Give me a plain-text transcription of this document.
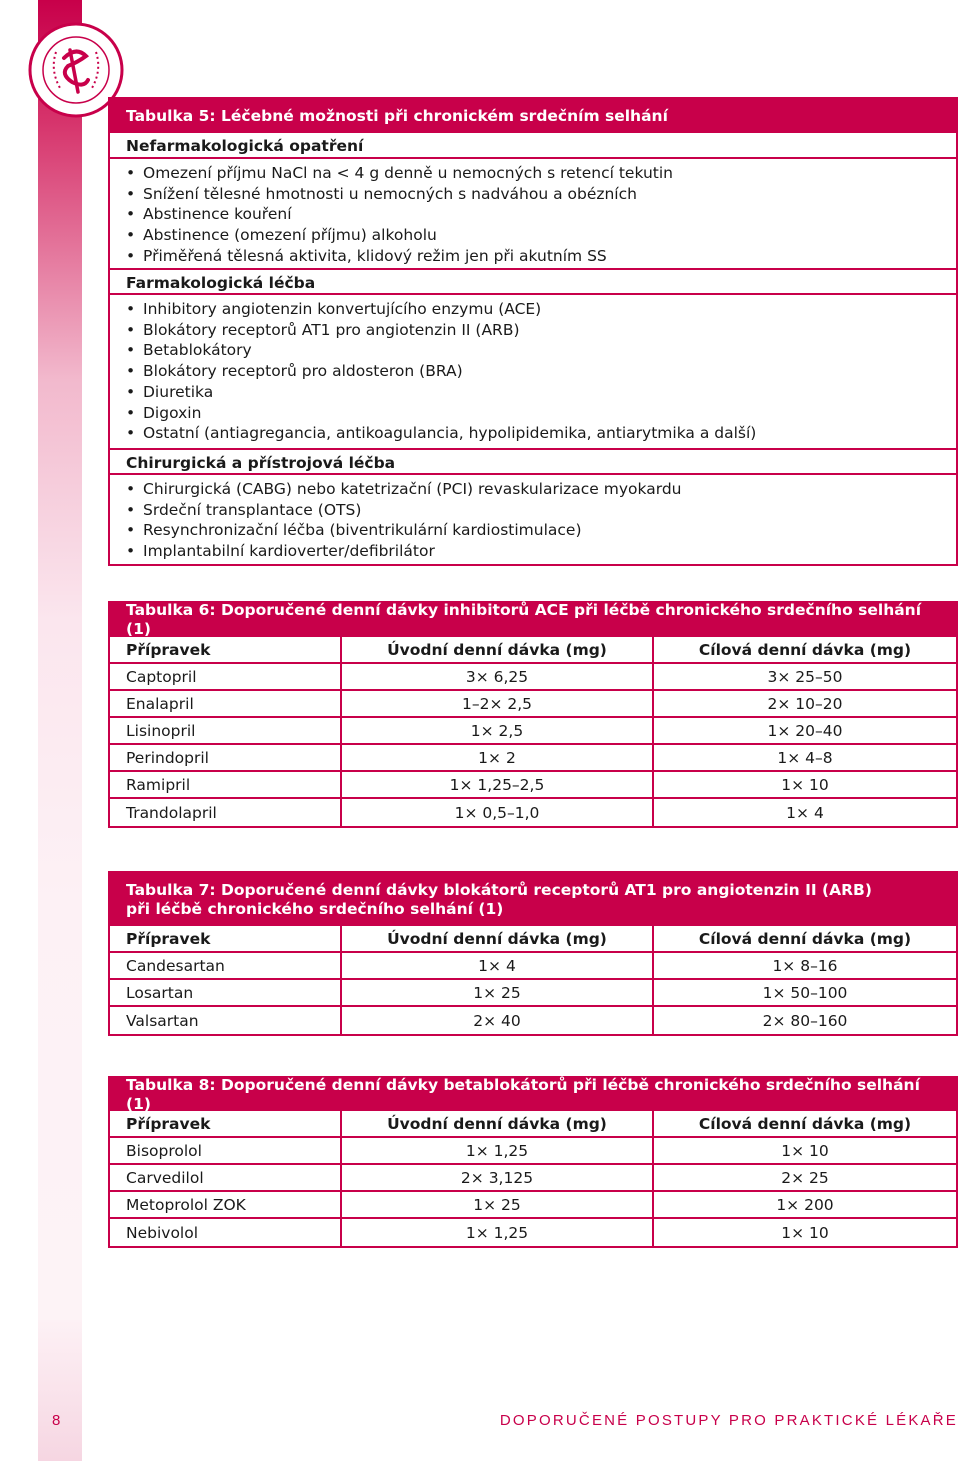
Tabulka 5: Léčebné možnosti při chronickém srdečním selhání
Nefarmakologická opatření
• Omezení příjmu NaCl na < 4 g denně u nemocných s retencí tekutin
• Snížení tělesné hmotnosti u nemocných s nadváhou a obézních
• Abstinence kouření
• Abstinence (omezení příjmu) alkoholu
• Přiměřená tělesná aktivita, klidový režim jen při akutním SS
Farmakologická léčba
• Inhibitory angiotenzin konvertujícího enzymu (ACE)
• Blokátory receptorů AT1 pro angiotenzin II (ARB)
• Betablokátory
• Blokátory receptorů pro aldosteron (BRA)
• Diuretika
• Digoxin
• Ostatní (antiagregancia, antikoagulancia, hypolipidemika, antiarytmika a další)
Chirurgická a přístrojová léčba
• Chirurgická (CABG) nebo katetrizační (PCI) revaskularizace myokardu
• Srdeční transplantace (OTS)
• Resynchronizační léčba (biventrikulární kardiostimulace)
• Implantabilní kardioverter/defibrilátor
Tabulka 6: Doporučené denní dávky inhibitorů ACE při léčbě chronického srdečního selhání (1)
Přípravek	Úvodní denní dávka (mg)	Cílová denní dávka (mg)
Captopril	3× 6,25	3× 25–50
Enalapril	1–2× 2,5	2× 10–20
Lisinopril	1× 2,5	1× 20–40
Perindopril	1× 2	1× 4–8
Ramipril	1× 1,25–2,5	1× 10
Trandolapril	1× 0,5–1,0	1× 4
Tabulka 7: Doporučené denní dávky blokátorů receptorů AT1 pro angiotenzin II (ARB)
při léčbě chronického srdečního selhání (1)
Přípravek	Úvodní denní dávka (mg)	Cílová denní dávka (mg)
Candesartan	1× 4	1× 8–16
Losartan	1× 25	1× 50–100
Valsartan	2× 40	2× 80–160
Tabulka 8: Doporučené denní dávky betablokátorů při léčbě chronického srdečního selhání (1)
Přípravek	Úvodní denní dávka (mg)	Cílová denní dávka (mg)
Bisoprolol	1× 1,25	1× 10
Carvedilol	2× 3,125	2× 25
Metoprolol ZOK	1× 25	1× 200
Nebivolol	1× 1,25	1× 10
8	DOPORUČENÉ POSTUPY PRO PRAKTICKÉ LÉKAŘE
